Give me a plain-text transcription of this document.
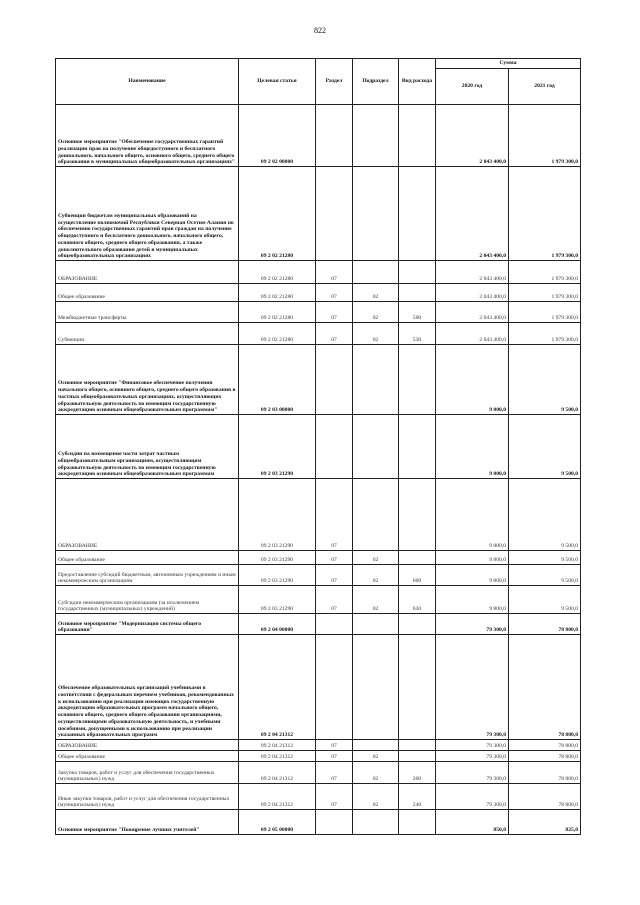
822
Наименование	Целевая статья	Раздел	Подраздел	Вид расхода	Сумма	
					2020 год	2021 год
Основное мероприятие "Обеспечение государственных гарантий реализации прав на получение общедоступного и бесплатного дошкольного, начального общего, основного общего, среднего общего образования в муниципальных общеобразовательных организациях"	09 2 02 00000				2 043 400,0	1 979 300,0
Субвенции бюджетам муниципальных образований на осуществление полномочий Республики Северная Осетия-Алания по обеспечению государственных гарантий прав граждан на получение общедоступного и бесплатного дошкольного, начального общего, основного общего, среднего общего образования, а также дополнительного образования детей в муниципальных общеобразовательных организациях	09 2 02 21280				2 043 400,0	1 979 300,0
ОБРАЗОВАНИЕ	09 2 02 21280	07			2 043 400,0	1 979 300,0
Общее образование	09 2 02 21280	07	02		2 043 400,0	1 979 300,0
Межбюджетные трансферты	09 2 02 21280	07	02	500	2 043 400,0	1 979 300,0
Субвенции	09 2 02 21280	07	02	530	2 043 400,0	1 979 300,0
Основное мероприятие "Финансовое обеспечение получения начального общего, основного общего, среднего общего образования в частных общеобразовательных организациях, осуществляющих образовательную деятельность по имеющим государственную аккредитацию основным общеобразовательным программам"	09 2 03 00000				9 800,0	9 500,0
Субсидии на возмещение части затрат частным общеобразовательным организациям, осуществляющим образовательную деятельность по имеющим государственную аккредитацию основным общеобразовательным программам	09 2 03 21290				9 800,0	9 500,0
ОБРАЗОВАНИЕ	09 2 03 21290	07			9 800,0	9 500,0
Общее образование	09 2 03 21290	07	02		9 800,0	9 500,0
Предоставление субсидий бюджетным, автономным учреждениям и иным некоммерческим организациям	09 2 03 21290	07	02	600	9 800,0	9 500,0
Субсидии некоммерческим организациям (за исключением государственных (муниципальных) учреждений)	09 2 03 21290	07	02	630	9 800,0	9 500,0
Основное мероприятие "Модернизация системы общего образования"	09 2 04 00000				79 300,0	78 800,0
Обеспечение образовательных организаций учебниками в соответствии с федеральным перечнем учебников, рекомендованных к использованию при реализации имеющих государственную аккредитацию образовательных программ начального общего, основного общего, среднего общего образования организациями, осуществляющими образовательную деятельность, и учебными пособиями, допущенными к использованию при реализации указанных образовательных программ	09 2 04 21312				79 300,0	78 800,0
ОБРАЗОВАНИЕ	09 2 04 21312	07			79 300,0	78 800,0
Общее образование	09 2 04 21312	07	02		79 300,0	78 800,0
Закупка товаров, работ и услуг для обеспечения государственных (муниципальных) нужд	09 2 04 21312	07	02	200	79 300,0	78 800,0
Иные закупки товаров, работ и услуг для обеспечения государственных (муниципальных) нужд	09 2 04 21312	07	02	240	79 300,0	78 800,0
Основное мероприятие "Поощрение лучших учителей"	09 2 05 00000				850,0	825,0
